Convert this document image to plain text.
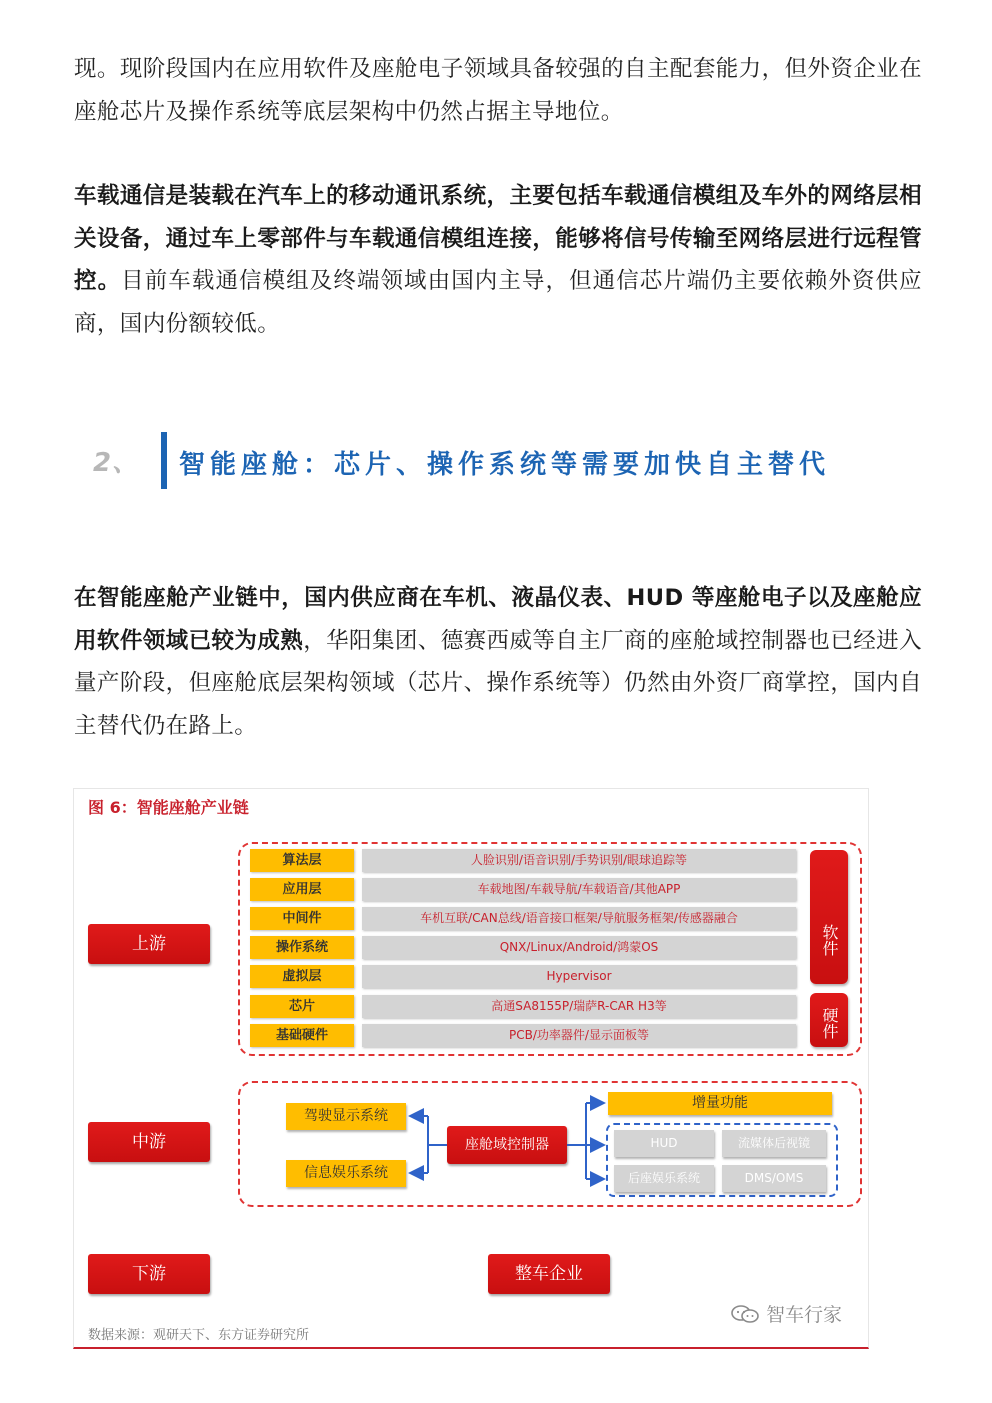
现。现阶段国内在应用软件及座舱电子领域具备较强的自主配套能力，但外资企业在座舱芯片及操作系统等底层架构中仍然占据主导地位。

车载通信是装载在汽车上的移动通讯系统，主要包括车载通信模组及车外的网络层相关设备，通过车上零部件与车载通信模组连接，能够将信号传输至网络层进行远程管控。目前车载通信模组及终端领域由国内主导，但通信芯片端仍主要依赖外资供应商，国内份额较低。

2、 智能座舱：芯片、操作系统等需要加快自主替代

在智能座舱产业链中，国内供应商在车机、液晶仪表、HUD 等座舱电子以及座舱应用软件领域已较为成熟，华阳集团、德赛西威等自主厂商的座舱域控制器也已经进入量产阶段，但座舱底层架构领域（芯片、操作系统等）仍然由外资厂商掌控，国内自主替代仍在路上。

图 6：智能座舱产业链
上游
中游
下游
算法层	人脸识别/语音识别/手势识别/眼球追踪等
应用层	车载地图/车载导航/车载语音/其他APP
中间件	车机互联/CAN总线/语音接口框架/导航服务框架/传感器融合
操作系统	QNX/Linux/Android/鸿蒙OS
虚拟层	Hypervisor
芯片	高通SA8155P/瑞萨R-CAR H3等
基础硬件	PCB/功率器件/显示面板等
软件
硬件
驾驶显示系统
信息娱乐系统
座舱域控制器
增量功能
HUD	流媒体后视镜
后座娱乐系统	DMS/OMS
整车企业
智车行家
数据来源：观研天下、东方证券研究所
